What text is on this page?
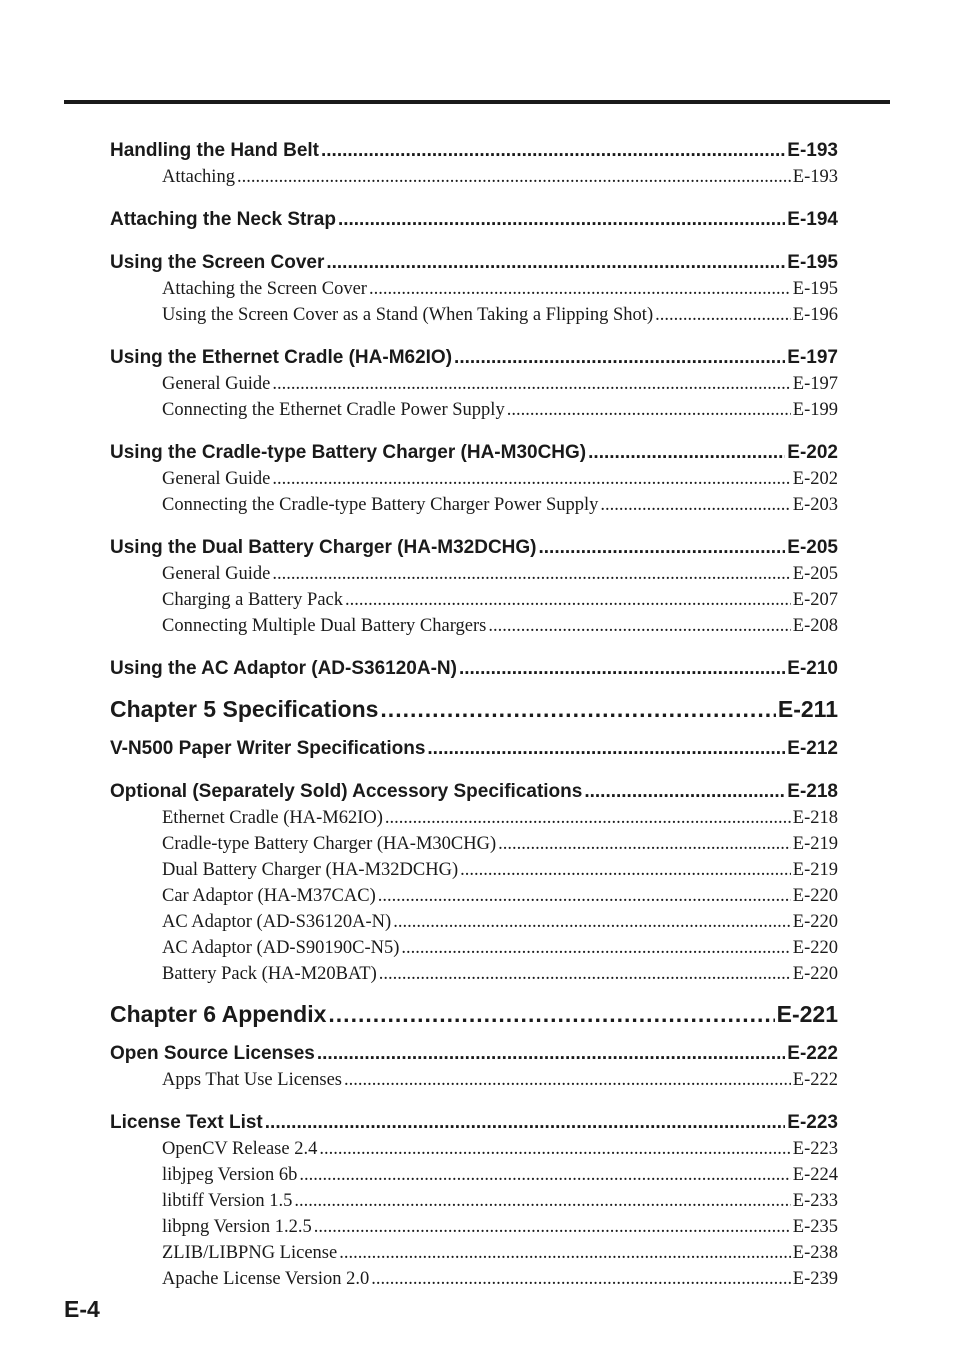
Handling the Hand Belt .....	E-193
Attaching .....	E-193
Attaching the Neck Strap .....	E-194
Using the Screen Cover .....	E-195
Attaching the Screen Cover .....	E-195
Using the Screen Cover as a Stand (When Taking a Flipping Shot) .....	E-196
Using the Ethernet Cradle (HA-M62IO) .....	E-197
General Guide .....	E-197
Connecting the Ethernet Cradle Power Supply .....	E-199
Using the Cradle-type Battery Charger (HA-M30CHG) .....	E-202
General Guide .....	E-202
Connecting the Cradle-type Battery Charger Power Supply .....	E-203
Using the Dual Battery Charger (HA-M32DCHG) .....	E-205
General Guide .....	E-205
Charging a Battery Pack .....	E-207
Connecting Multiple Dual Battery Chargers .....	E-208
Using the AC Adaptor (AD-S36120A-N) .....	E-210
Chapter 5 Specifications .....	E-211
V-N500 Paper Writer Specifications .....	E-212
Optional (Separately Sold) Accessory Specifications .....	E-218
Ethernet Cradle (HA-M62IO) .....	E-218
Cradle-type Battery Charger (HA-M30CHG) .....	E-219
Dual Battery Charger (HA-M32DCHG) .....	E-219
Car Adaptor (HA-M37CAC) .....	E-220
AC Adaptor (AD-S36120A-N) .....	E-220
AC Adaptor (AD-S90190C-N5) .....	E-220
Battery Pack (HA-M20BAT) .....	E-220
Chapter 6 Appendix .....	E-221
Open Source Licenses .....	E-222
Apps That Use Licenses .....	E-222
License Text List .....	E-223
OpenCV Release 2.4 .....	E-223
libjpeg Version 6b .....	E-224
libtiff Version 1.5 .....	E-233
libpng Version 1.2.5 .....	E-235
ZLIB/LIBPNG License .....	E-238
Apache License Version 2.0 .....	E-239
E-4
